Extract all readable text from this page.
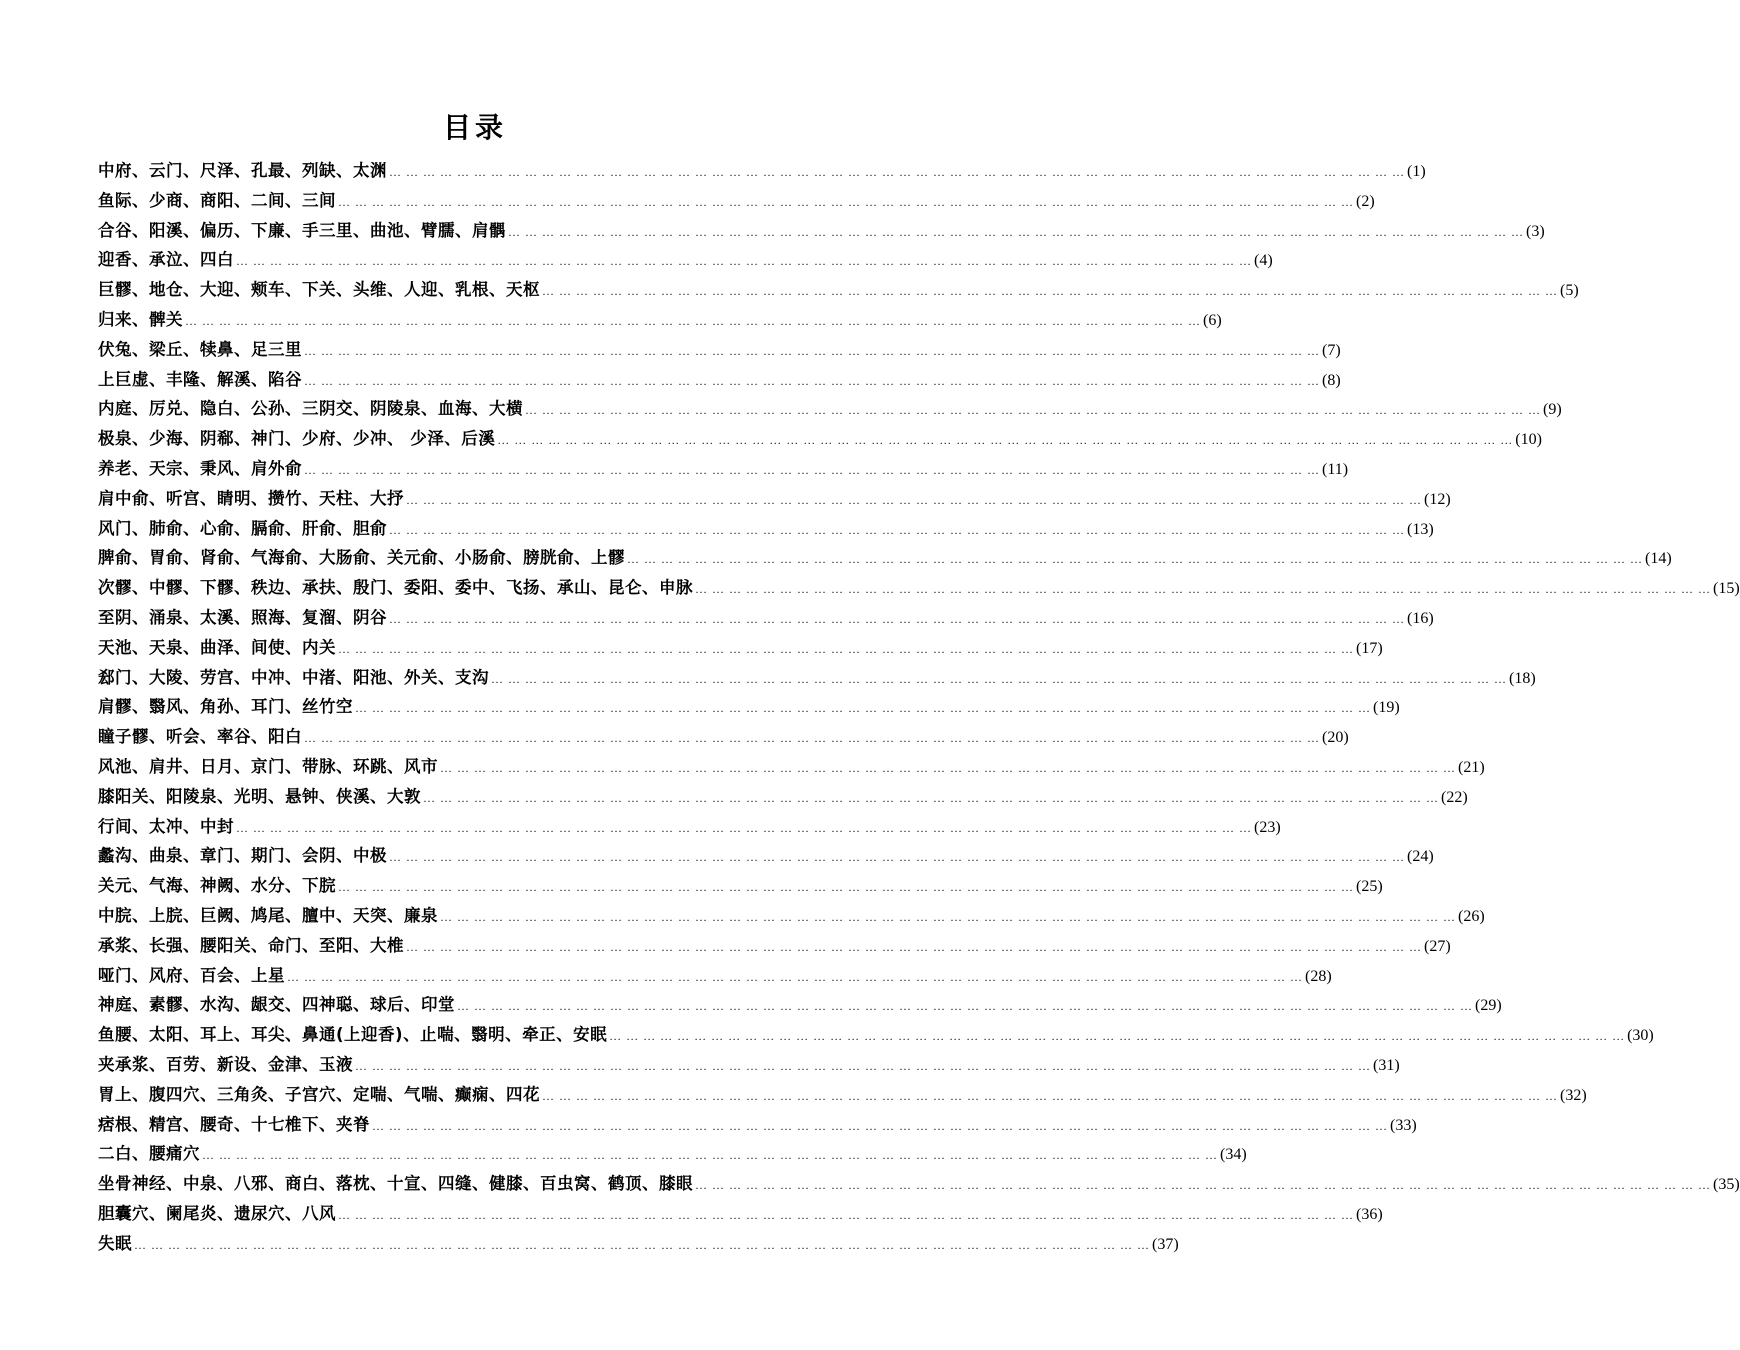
目录
中府、云门、尺泽、孔最、列缺、太渊 … … … … … … … … … … … … … … … … … … … … … … … … … … … … … … … … … … … … … … … … … … … … … … … … … … … … … … … … … … … … (1)
鱼际、少商、商阳、二间、三间 … … … … … … … … … … … … … … … … … … … … … … … … … … … … … … … … … … … … … … … … … … … … … … … … … … … … … … … … … … … … (2)
合谷、阳溪、偏历、下廉、手三里、曲池、臂臑、肩髃 … … … … … … … … … … … … … … … … … … … … … … … … … … … … … … … … … … … … … … … … … … … … … … … … … … … … … … … … … … … … (3)
迎香、承泣、四白 … … … … … … … … … … … … … … … … … … … … … … … … … … … … … … … … … … … … … … … … … … … … … … … … … … … … … … … … … … … … (4)
巨髎、地仓、大迎、颊车、下关、头维、人迎、乳根、天枢 … … … … … … … … … … … … … … … … … … … … … … … … … … … … … … … … … … … … … … … … … … … … … … … … … … … … … … … … … … … … (5)
归来、髀关 … … … … … … … … … … … … … … … … … … … … … … … … … … … … … … … … … … … … … … … … … … … … … … … … … … … … … … … … … … … … (6)
伏兔、梁丘、犊鼻、足三里 … … … … … … … … … … … … … … … … … … … … … … … … … … … … … … … … … … … … … … … … … … … … … … … … … … … … … … … … … … … … (7)
上巨虚、丰隆、解溪、陷谷 … … … … … … … … … … … … … … … … … … … … … … … … … … … … … … … … … … … … … … … … … … … … … … … … … … … … … … … … … … … … (8)
内庭、厉兑、隐白、公孙、三阴交、阴陵泉、血海、大横 … … … … … … … … … … … … … … … … … … … … … … … … … … … … … … … … … … … … … … … … … … … … … … … … … … … … … … … … … … … … (9)
极泉、少海、阴郗、神门、少府、少冲、 少泽、后溪 … … … … … … … … … … … … … … … … … … … … … … … … … … … … … … … … … … … … … … … … … … … … … … … … … … … … … … … … … … … … (10)
养老、天宗、秉风、肩外俞 … … … … … … … … … … … … … … … … … … … … … … … … … … … … … … … … … … … … … … … … … … … … … … … … … … … … … … … … … … … … (11)
肩中俞、听宫、睛明、攒竹、天柱、大抒 … … … … … … … … … … … … … … … … … … … … … … … … … … … … … … … … … … … … … … … … … … … … … … … … … … … … … … … … … … … … (12)
风门、肺俞、心俞、膈俞、肝俞、胆俞 … … … … … … … … … … … … … … … … … … … … … … … … … … … … … … … … … … … … … … … … … … … … … … … … … … … … … … … … … … … … (13)
脾俞、胃俞、肾俞、气海俞、大肠俞、关元俞、小肠俞、膀胱俞、上髎 … … … … … … … … … … … … … … … … … … … … … … … … … … … … … … … … … … … … … … … … … … … … … … … … … … … … … … … … … … … … (14)
次髎、中髎、下髎、秩边、承扶、殷门、委阳、委中、飞扬、承山、昆仑、申脉 … … … … … … … … … … … … … … … … … … … … … … … … … … … … … … … … … … … … … … … … … … … … … … … … … … … … … … … … … … … … (15)
至阴、涌泉、太溪、照海、复溜、阴谷 … … … … … … … … … … … … … … … … … … … … … … … … … … … … … … … … … … … … … … … … … … … … … … … … … … … … … … … … … … … … (16)
天池、天泉、曲泽、间使、内关 … … … … … … … … … … … … … … … … … … … … … … … … … … … … … … … … … … … … … … … … … … … … … … … … … … … … … … … … … … … … (17)
郄门、大陵、劳宫、中冲、中渚、阳池、外关、支沟 … … … … … … … … … … … … … … … … … … … … … … … … … … … … … … … … … … … … … … … … … … … … … … … … … … … … … … … … … … … … (18)
肩髎、翳风、角孙、耳门、丝竹空 … … … … … … … … … … … … … … … … … … … … … … … … … … … … … … … … … … … … … … … … … … … … … … … … … … … … … … … … … … … … (19)
瞳子髎、听会、率谷、阳白 … … … … … … … … … … … … … … … … … … … … … … … … … … … … … … … … … … … … … … … … … … … … … … … … … … … … … … … … … … … … (20)
风池、肩井、日月、京门、带脉、环跳、风市 … … … … … … … … … … … … … … … … … … … … … … … … … … … … … … … … … … … … … … … … … … … … … … … … … … … … … … … … … … … … (21)
膝阳关、阳陵泉、光明、悬钟、侠溪、大敦 … … … … … … … … … … … … … … … … … … … … … … … … … … … … … … … … … … … … … … … … … … … … … … … … … … … … … … … … … … … … (22)
行间、太冲、中封 … … … … … … … … … … … … … … … … … … … … … … … … … … … … … … … … … … … … … … … … … … … … … … … … … … … … … … … … … … … … (23)
蠡沟、曲泉、章门、期门、会阴、中极 … … … … … … … … … … … … … … … … … … … … … … … … … … … … … … … … … … … … … … … … … … … … … … … … … … … … … … … … … … … … (24)
关元、气海、神阙、水分、下脘 … … … … … … … … … … … … … … … … … … … … … … … … … … … … … … … … … … … … … … … … … … … … … … … … … … … … … … … … … … … … (25)
中脘、上脘、巨阙、鸠尾、膻中、天突、廉泉 … … … … … … … … … … … … … … … … … … … … … … … … … … … … … … … … … … … … … … … … … … … … … … … … … … … … … … … … … … … … (26)
承浆、长强、腰阳关、命门、至阳、大椎 … … … … … … … … … … … … … … … … … … … … … … … … … … … … … … … … … … … … … … … … … … … … … … … … … … … … … … … … … … … … (27)
哑门、风府、百会、上星 … … … … … … … … … … … … … … … … … … … … … … … … … … … … … … … … … … … … … … … … … … … … … … … … … … … … … … … … … … … … (28)
神庭、素髎、水沟、龈交、四神聪、球后、印堂 … … … … … … … … … … … … … … … … … … … … … … … … … … … … … … … … … … … … … … … … … … … … … … … … … … … … … … … … … … … … (29)
鱼腰、太阳、耳上、耳尖、鼻通(上迎香)、止喘、翳明、牵正、安眠 … … … … … … … … … … … … … … … … … … … … … … … … … … … … … … … … … … … … … … … … … … … … … … … … … … … … … … … … … … … … (30)
夹承浆、百劳、新设、金津、玉液 … … … … … … … … … … … … … … … … … … … … … … … … … … … … … … … … … … … … … … … … … … … … … … … … … … … … … … … … … … … … (31)
胃上、腹四穴、三角灸、子宫穴、定喘、气喘、癫痫、四花 … … … … … … … … … … … … … … … … … … … … … … … … … … … … … … … … … … … … … … … … … … … … … … … … … … … … … … … … … … … … (32)
痞根、精宫、腰奇、十七椎下、夹脊 … … … … … … … … … … … … … … … … … … … … … … … … … … … … … … … … … … … … … … … … … … … … … … … … … … … … … … … … … … … … (33)
二白、腰痛穴 … … … … … … … … … … … … … … … … … … … … … … … … … … … … … … … … … … … … … … … … … … … … … … … … … … … … … … … … … … … … (34)
坐骨神经、中泉、八邪、商白、落枕、十宣、四缝、健膝、百虫窝、鹤顶、膝眼 … … … … … … … … … … … … … … … … … … … … … … … … … … … … … … … … … … … … … … … … … … … … … … … … … … … … … … … … … … … … (35)
胆囊穴、阑尾炎、遗尿穴、八风 … … … … … … … … … … … … … … … … … … … … … … … … … … … … … … … … … … … … … … … … … … … … … … … … … … … … … … … … … … … … (36)
失眠 … … … … … … … … … … … … … … … … … … … … … … … … … … … … … … … … … … … … … … … … … … … … … … … … … … … … … … … … … … … … (37)
